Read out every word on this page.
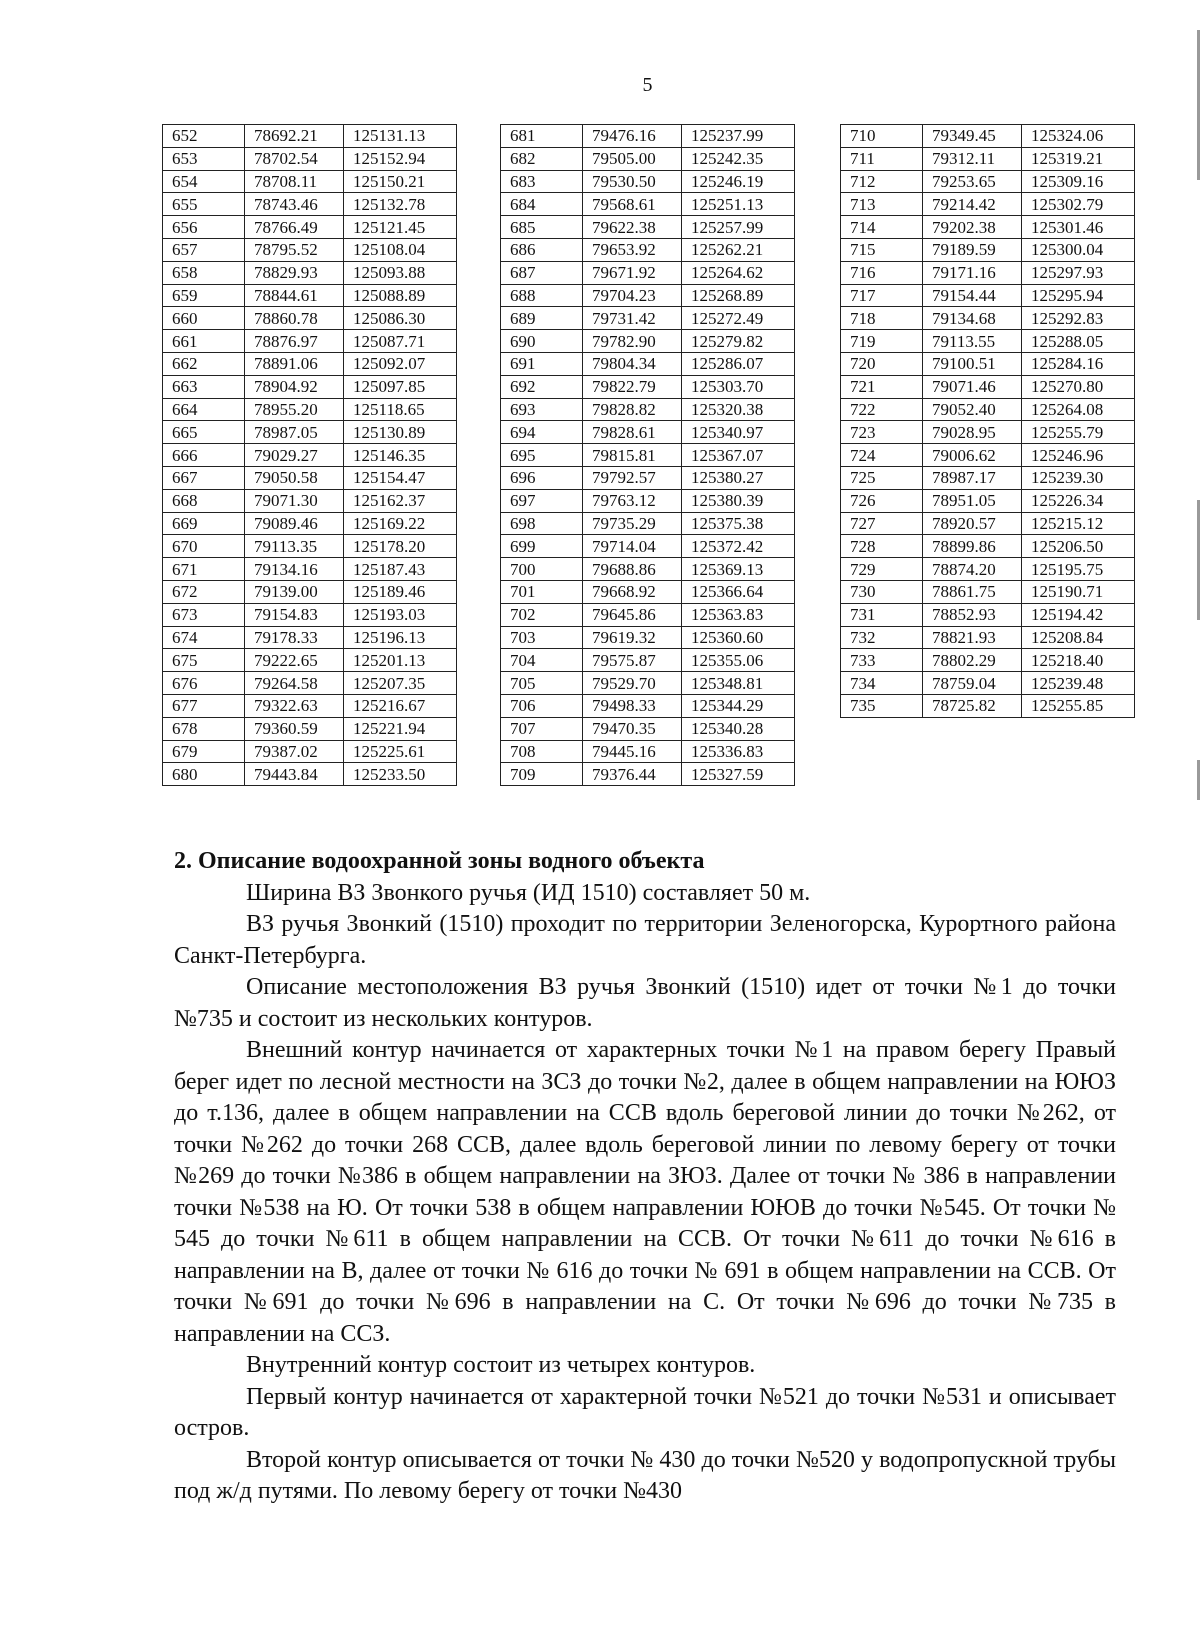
5
652	78692.21	125131.13
653	78702.54	125152.94
654	78708.11	125150.21
655	78743.46	125132.78
656	78766.49	125121.45
657	78795.52	125108.04
658	78829.93	125093.88
659	78844.61	125088.89
660	78860.78	125086.30
661	78876.97	125087.71
662	78891.06	125092.07
663	78904.92	125097.85
664	78955.20	125118.65
665	78987.05	125130.89
666	79029.27	125146.35
667	79050.58	125154.47
668	79071.30	125162.37
669	79089.46	125169.22
670	79113.35	125178.20
671	79134.16	125187.43
672	79139.00	125189.46
673	79154.83	125193.03
674	79178.33	125196.13
675	79222.65	125201.13
676	79264.58	125207.35
677	79322.63	125216.67
678	79360.59	125221.94
679	79387.02	125225.61
680	79443.84	125233.50
681	79476.16	125237.99
682	79505.00	125242.35
683	79530.50	125246.19
684	79568.61	125251.13
685	79622.38	125257.99
686	79653.92	125262.21
687	79671.92	125264.62
688	79704.23	125268.89
689	79731.42	125272.49
690	79782.90	125279.82
691	79804.34	125286.07
692	79822.79	125303.70
693	79828.82	125320.38
694	79828.61	125340.97
695	79815.81	125367.07
696	79792.57	125380.27
697	79763.12	125380.39
698	79735.29	125375.38
699	79714.04	125372.42
700	79688.86	125369.13
701	79668.92	125366.64
702	79645.86	125363.83
703	79619.32	125360.60
704	79575.87	125355.06
705	79529.70	125348.81
706	79498.33	125344.29
707	79470.35	125340.28
708	79445.16	125336.83
709	79376.44	125327.59
710	79349.45	125324.06
711	79312.11	125319.21
712	79253.65	125309.16
713	79214.42	125302.79
714	79202.38	125301.46
715	79189.59	125300.04
716	79171.16	125297.93
717	79154.44	125295.94
718	79134.68	125292.83
719	79113.55	125288.05
720	79100.51	125284.16
721	79071.46	125270.80
722	79052.40	125264.08
723	79028.95	125255.79
724	79006.62	125246.96
725	78987.17	125239.30
726	78951.05	125226.34
727	78920.57	125215.12
728	78899.86	125206.50
729	78874.20	125195.75
730	78861.75	125190.71
731	78852.93	125194.42
732	78821.93	125208.84
733	78802.29	125218.40
734	78759.04	125239.48
735	78725.82	125255.85
2. Описание водоохранной зоны водного объекта

Ширина ВЗ Звонкого ручья (ИД 1510) составляет 50 м.

ВЗ ручья Звонкий (1510) проходит по территории Зеленогорска, Курортного района Санкт-Петербурга.

Описание местоположения ВЗ ручья Звонкий (1510) идет от точки №1 до точки №735 и состоит из нескольких контуров.

Внешний контур начинается от характерных точки №1 на правом берегу Правый берег идет по лесной местности на ЗСЗ до точки №2, далее в общем направлении на ЮЮЗ до т.136, далее в общем направлении на ССВ вдоль береговой линии до точки №262, от точки №262 до точки 268 ССВ, далее вдоль береговой линии по левому берегу от точки №269 до точки №386 в общем направлении на ЗЮЗ. Далее от точки № 386 в направлении точки №538 на Ю. От точки 538 в общем направлении ЮЮВ до точки №545. От точки № 545 до точки №611 в общем направлении на ССВ. От точки №611 до точки №616 в направлении на В, далее от точки № 616 до точки № 691 в общем направлении на ССВ. От точки №691 до точки №696 в направлении на С. От точки №696 до точки №735 в направлении на ССЗ.

Внутренний контур состоит из четырех контуров.

Первый контур начинается от характерной точки №521 до точки №531 и описывает остров.

Второй контур описывается от точки № 430 до точки №520 у водопропускной трубы под ж/д путями. По левому берегу от точки №430
